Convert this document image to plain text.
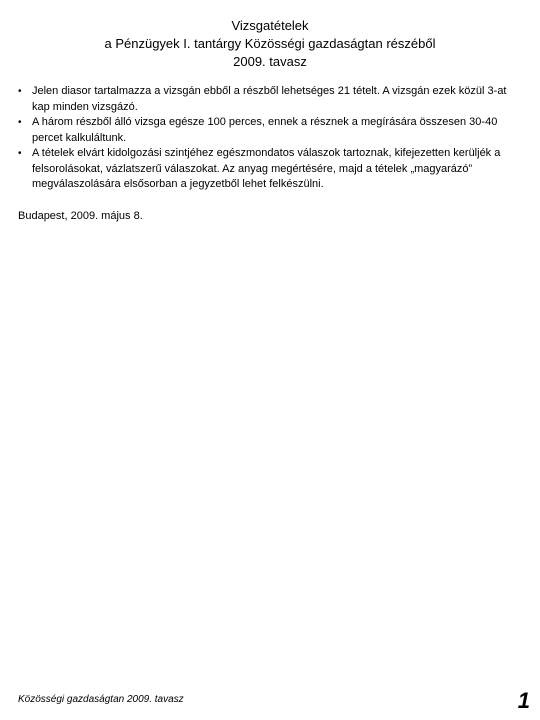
Vizsgatételek
a Pénzügyek I. tantárgy Közösségi gazdaságtan részéből
2009. tavasz
• Jelen diasor tartalmazza a vizsgán ebből a részből lehetséges 21 tételt. A vizsgán ezek közül 3-at kap minden vizsgázó.
• A három részből álló vizsga egésze 100 perces, ennek a résznek a megírására összesen 30-40 percet kalkuláltunk.
• A tételek elvárt kidolgozási szintjéhez egészmondatos válaszok tartoznak, kifejezetten kerüljék a felsorolásokat, vázlatszerű válaszokat. Az anyag megértésére, majd a tételek „magyarázó” megválaszolására elsősorban a jegyzetből lehet felkészülni.
Budapest, 2009. május 8.
Közösségi gazdaságtan 2009. tavasz	1
